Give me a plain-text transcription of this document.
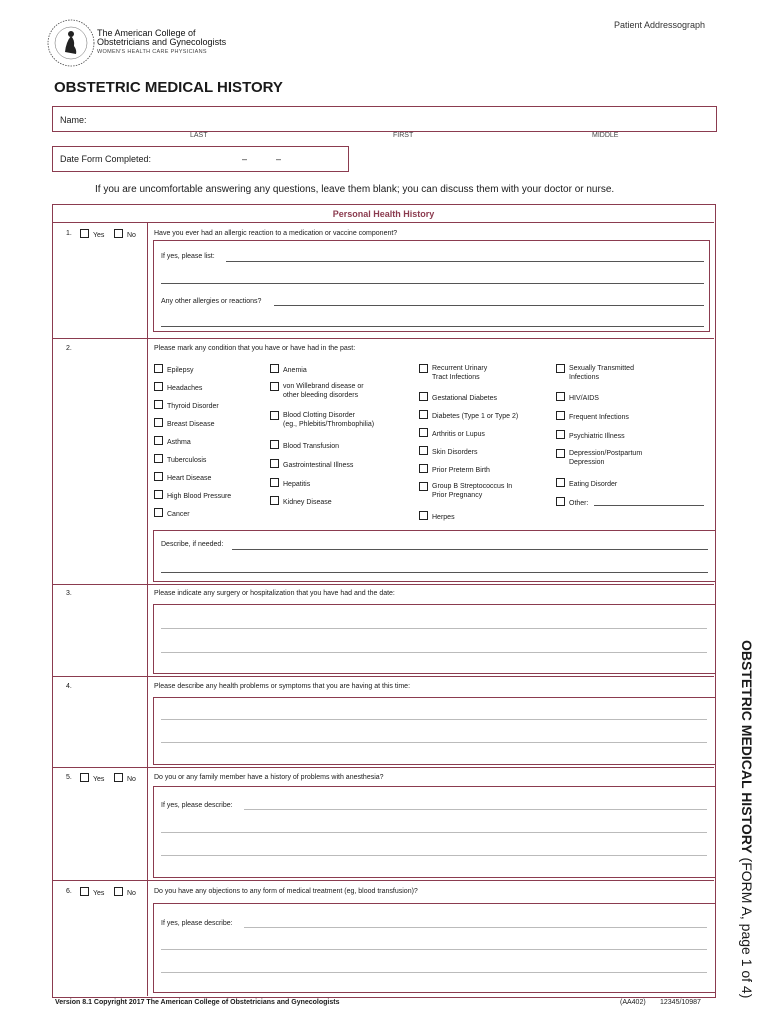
Patient Addressograph
The American College of
Obstetricians and Gynecologists
WOMEN'S HEALTH CARE PHYSICIANS
OBSTETRIC MEDICAL HISTORY
Name:
LAST	FIRST	MIDDLE
Date Form Completed:	–	–
If you are uncomfortable answering any questions, leave them blank; you can discuss them with your doctor or nurse.
Personal Health History
1.	Yes	No	Have you ever had an allergic reaction to a medication or vaccine component?
If yes, please list:
Any other allergies or reactions?
2.	Please mark any condition that you have or have had in the past:
Epilepsy
Headaches
Thyroid Disorder
Breast Disease
Asthma
Tuberculosis
Heart Disease
High Blood Pressure
Cancer
Anemia
von Willebrand disease or
other bleeding disorders
Blood Clotting Disorder
(eg., Phlebitis/Thrombophilia)
Blood Transfusion
Gastrointestinal Illness
Hepatitis
Kidney Disease
Recurrent Urinary
Tract Infections
Gestational Diabetes
Diabetes (Type 1 or Type 2)
Arthritis or Lupus
Skin Disorders
Prior Preterm Birth
Group B Streptococcus In
Prior Pregnancy
Herpes
Sexually Transmitted
Infections
HIV/AIDS
Frequent Infections
Psychiatric Illness
Depression/Postpartum
Depression
Eating Disorder
Other:
Describe, if needed:
3.	Please indicate any surgery or hospitalization that you have had and the date:
4.	Please describe any health problems or symptoms that you are having at this time:
5.	Yes	No	Do you or any family member have a history of problems with anesthesia?
If yes, please describe:
6.	Yes	No	Do you have any objections to any form of medical treatment (eg, blood transfusion)?
If yes, please describe:
OBSTETRIC MEDICAL HISTORY (FORM A, page 1 of 4)
Version 8.1 Copyright 2017 The American College of Obstetricians and Gynecologists	(AA402) 12345/10987
